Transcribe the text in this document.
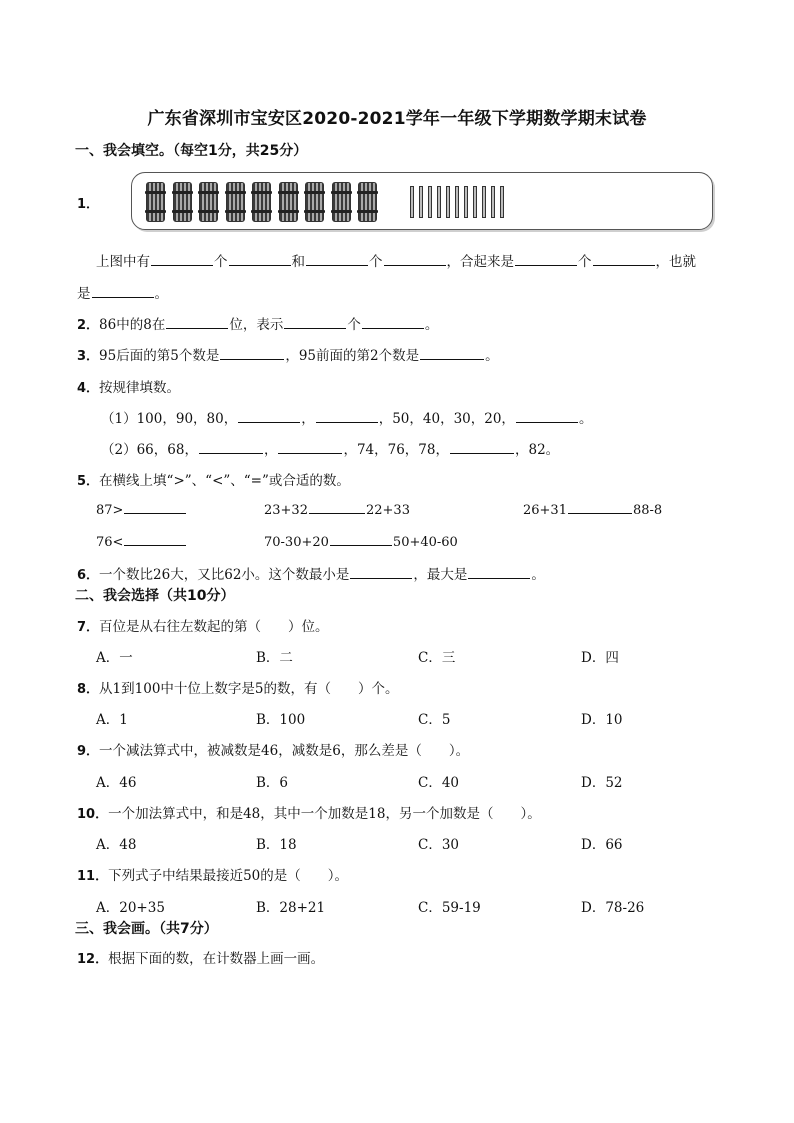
广东省深圳市宝安区2020-2021学年一年级下学期数学期末试卷
一、我会填空。（每空1分，共25分）
1．
上图中有	个	和	个	，合起来是	个	，也就
是	。
2．86中的8在	位，表示	个	。
3．95后面的第5个数是	，95前面的第2个数是	。
4．按规律填数。
（1）100，90，80，	，	，50，40，30，20，	。
（2）66，68，	，	，74，76，78，	，82。
5．在横线上填“>”、“<”、“=”或合适的数。
87>	23+32	22+33	26+31	88-8
76<	70-30+20	50+40-60
6．一个数比26大，又比62小。这个数最小是	，最大是	。
二、我会选择（共10分）
7．百位是从右往左数起的第（　　）位。
A．一	B．二	C．三	D．四
8．从1到100中十位上数字是5的数，有（　　）个。
A．1	B．100	C．5	D．10
9．一个减法算式中，被减数是46，减数是6，那么差是（　　）。
A．46	B．6	C．40	D．52
10．一个加法算式中，和是48，其中一个加数是18，另一个加数是（　　）。
A．48	B．18	C．30	D．66
11．下列式子中结果最接近50的是（　　）。
A．20+35	B．28+21	C．59-19	D．78-26
三、我会画。（共7分）
12．根据下面的数，在计数器上画一画。
